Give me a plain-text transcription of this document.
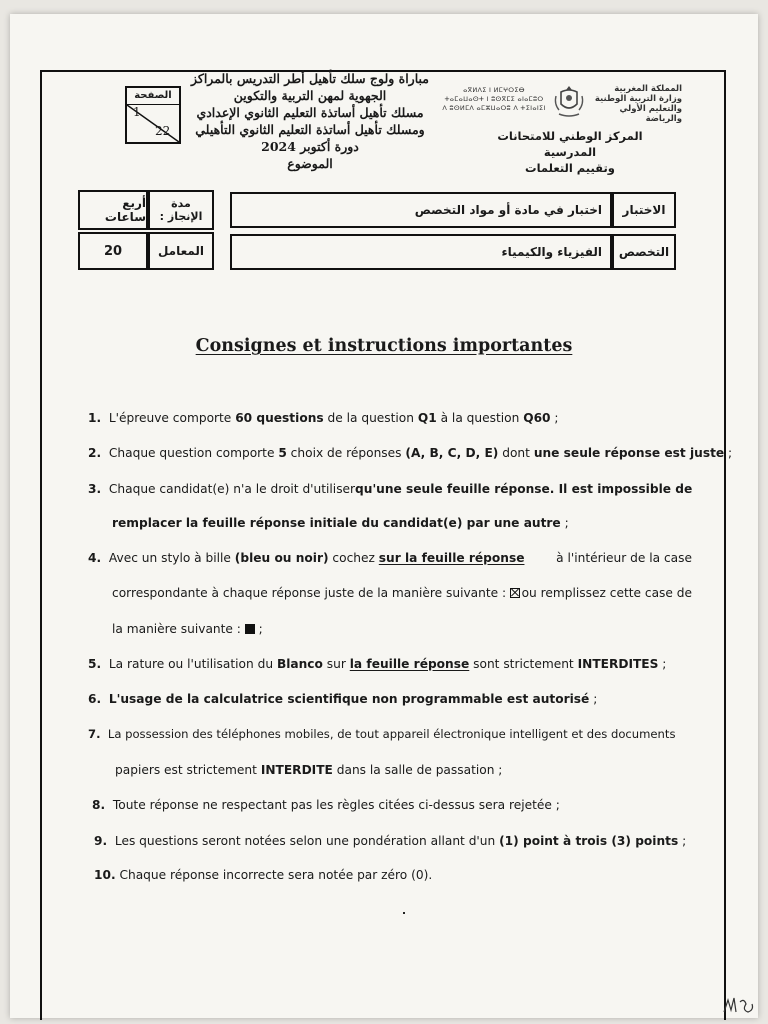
مباراة ولوج سلك تأهيل أطر التدريس بالمراكز
الجهوية لمهن التربية والتكوين
مسلك تأهيل أساتذة التعليم الثانوي الإعدادي
ومسلك تأهيل أساتذة التعليم الثانوي التأهيلي
دورة أكتوبر 2024
الموضوع
الصفحة
1
22
ⴰⴳⵍⴷⵉ ⵏ ⵍⵎⵖⵔⵉⴱ
ⵜⴰⵎⴰⵡⴰⵙⵜ ⵏ ⵓⵙⴳⵎⵉ ⴰⵏⴰⵎⵓⵔ
ⴷ ⵓⵙⵍⵎⴷ ⴰⵎⵣⵡⴰⵔⵓ ⴷ ⵜⵉⵏⴰⵏⵉⵏ
المملكة المغربية
وزارة التربية الوطنية
والتعليم الأولي والرياضة
المركز الوطني للامتحانات المدرسية
وتقييم التعلمات
الاختبار
اختبار في مادة أو مواد التخصص
مدة الإنجاز :
أربع ساعات
التخصص
الفيزياء والكيمياء
المعامل
20
Consignes et instructions importantes
1. L'épreuve comporte 60 questions de la question Q1 à la question Q60 ;
2. Chaque question comporte 5 choix de réponses (A, B, C, D, E) dont une seule réponse est juste ;
3. Chaque candidat(e) n'a le droit d'utiliser qu'une seule feuille réponse. Il est impossible de
remplacer la feuille réponse initiale du candidat(e) par une autre ;
4. Avec un stylo à bille (bleu ou noir) cochez sur la feuille réponse	à l'intérieur de la case
correspondante à chaque réponse juste de la manière suivante : ou remplissez cette case de
la manière suivante :  ;
5. La rature ou l'utilisation du Blanco sur la feuille réponse sont strictement INTERDITES ;
6. L'usage de la calculatrice scientifique non programmable est autorisé ;
7. La possession des téléphones mobiles, de tout appareil électronique intelligent et des documents
papiers est strictement INTERDITE dans la salle de passation ;
8. Toute réponse ne respectant pas les règles citées ci-dessus sera rejetée ;
9. Les questions seront notées selon une pondération allant d'un (1) point à trois (3) points ;
10. Chaque réponse incorrecte sera notée par zéro (0).
